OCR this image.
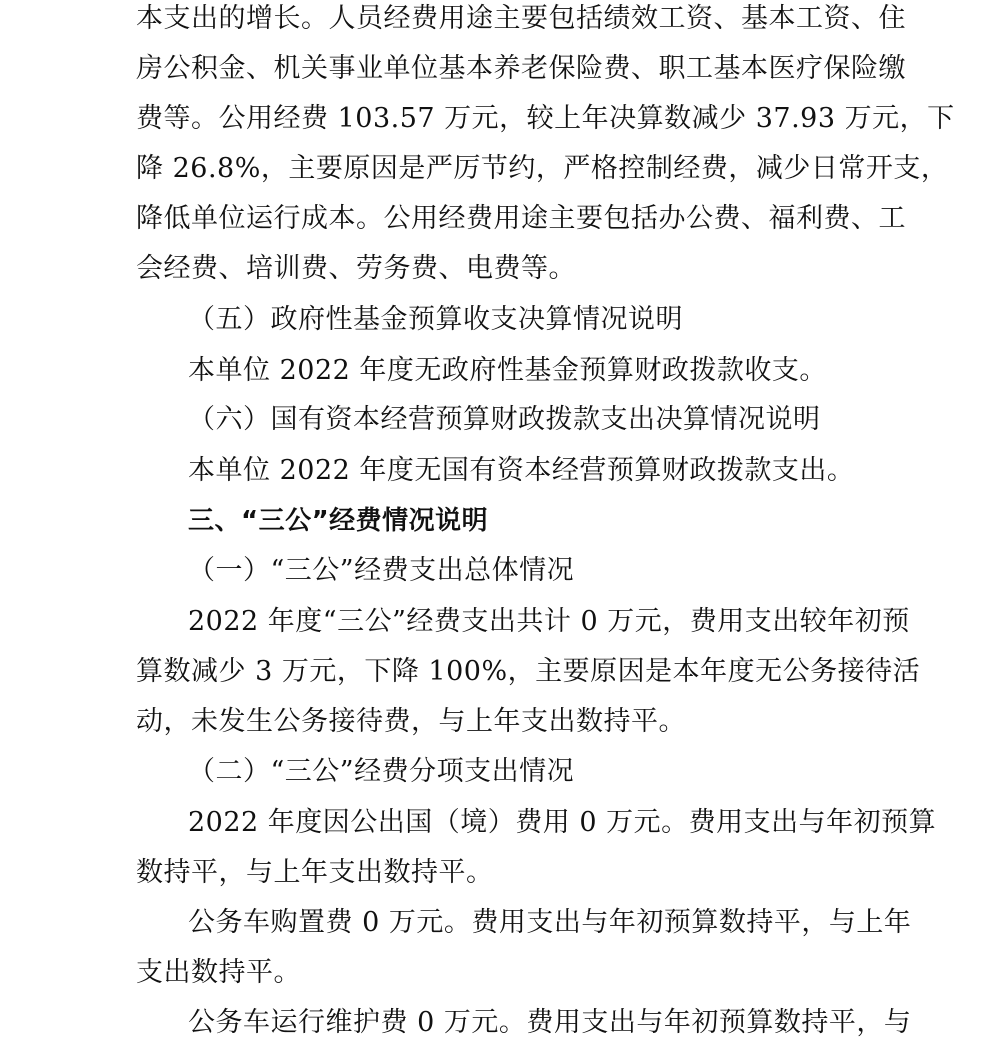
本支出的增长。人员经费用途主要包括绩效工资、基本工资、住
房公积金、机关事业单位基本养老保险费、职工基本医疗保险缴
费等。公用经费 103.57 万元，较上年决算数减少 37.93 万元，下
降 26.8%，主要原因是严厉节约，严格控制经费，减少日常开支，
降低单位运行成本。公用经费用途主要包括办公费、福利费、工
会经费、培训费、劳务费、电费等。
（五）政府性基金预算收支决算情况说明
本单位 2022 年度无政府性基金预算财政拨款收支。
（六）国有资本经营预算财政拨款支出决算情况说明
本单位 2022 年度无国有资本经营预算财政拨款支出。
三、“三公”经费情况说明
（一）“三公”经费支出总体情况
2022 年度“三公”经费支出共计 0 万元，费用支出较年初预
算数减少 3 万元，下降 100%，主要原因是本年度无公务接待活
动，未发生公务接待费，与上年支出数持平。
（二）“三公”经费分项支出情况
2022 年度因公出国（境）费用 0 万元。费用支出与年初预算
数持平，与上年支出数持平。
公务车购置费 0 万元。费用支出与年初预算数持平，与上年
支出数持平。
公务车运行维护费 0 万元。费用支出与年初预算数持平，与
